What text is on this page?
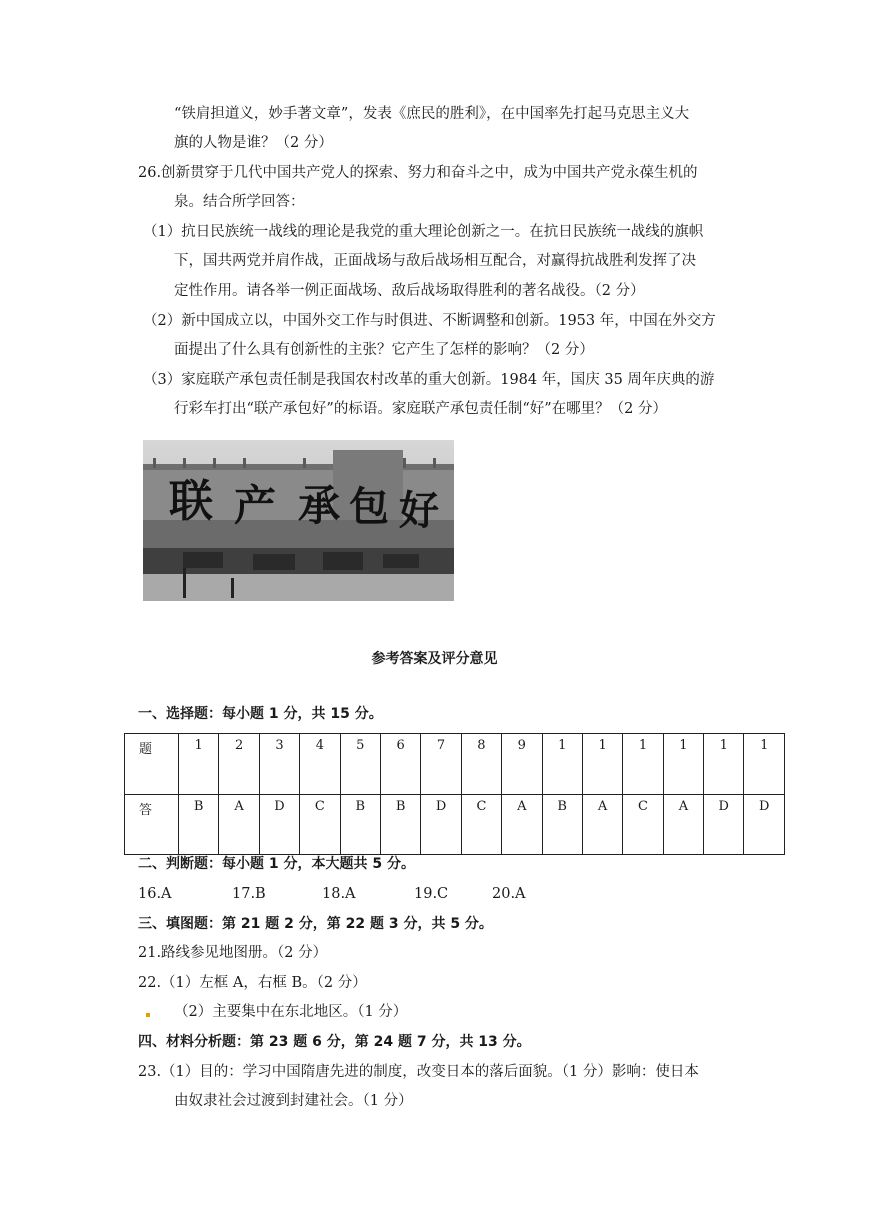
“铁肩担道义，妙手著文章”，发表《庶民的胜利》，在中国率先打起马克思主义大
旗的人物是谁？（2 分）
26.创新贯穿于几代中国共产党人的探索、努力和奋斗之中，成为中国共产党永葆生机的
泉。结合所学回答：
（1）抗日民族统一战线的理论是我党的重大理论创新之一。在抗日民族统一战线的旗帜
下，国共两党并肩作战，正面战场与敌后战场相互配合，对赢得抗战胜利发挥了决
定性作用。请各举一例正面战场、敌后战场取得胜利的著名战役。（2 分）
（2）新中国成立以，中国外交工作与时俱进、不断调整和创新。1953 年，中国在外交方
面提出了什么具有创新性的主张？它产生了怎样的影响？（2 分）
（3）家庭联产承包责任制是我国农村改革的重大创新。1984 年，国庆 35 周年庆典的游
行彩车打出“联产承包好”的标语。家庭联产承包责任制“好”在哪里？（2 分）
联 产 承 包 好
参考答案及评分意见
一、选择题：每小题 1 分，共 15 分。
题	1	2	3	4	5	6	7	8	9	1	1	1	1	1	1
答	B	A	D	C	B	B	D	C	A	B	A	C	A	D	D
二、判断题：每小题 1 分，本大题共 5 分。
16.A	17.B	18.A	19.C	20.A
三、填图题：第 21 题 2 分，第 22 题 3 分，共 5 分。
21.路线参见地图册。（2 分）
22.（1）左框 A，右框 B。（2 分）
（2）主要集中在东北地区。（1 分）
四、材料分析题：第 23 题 6 分，第 24 题 7 分，共 13 分。
23.（1）目的：学习中国隋唐先进的制度，改变日本的落后面貌。（1 分）影响：使日本
由奴隶社会过渡到封建社会。（1 分）
